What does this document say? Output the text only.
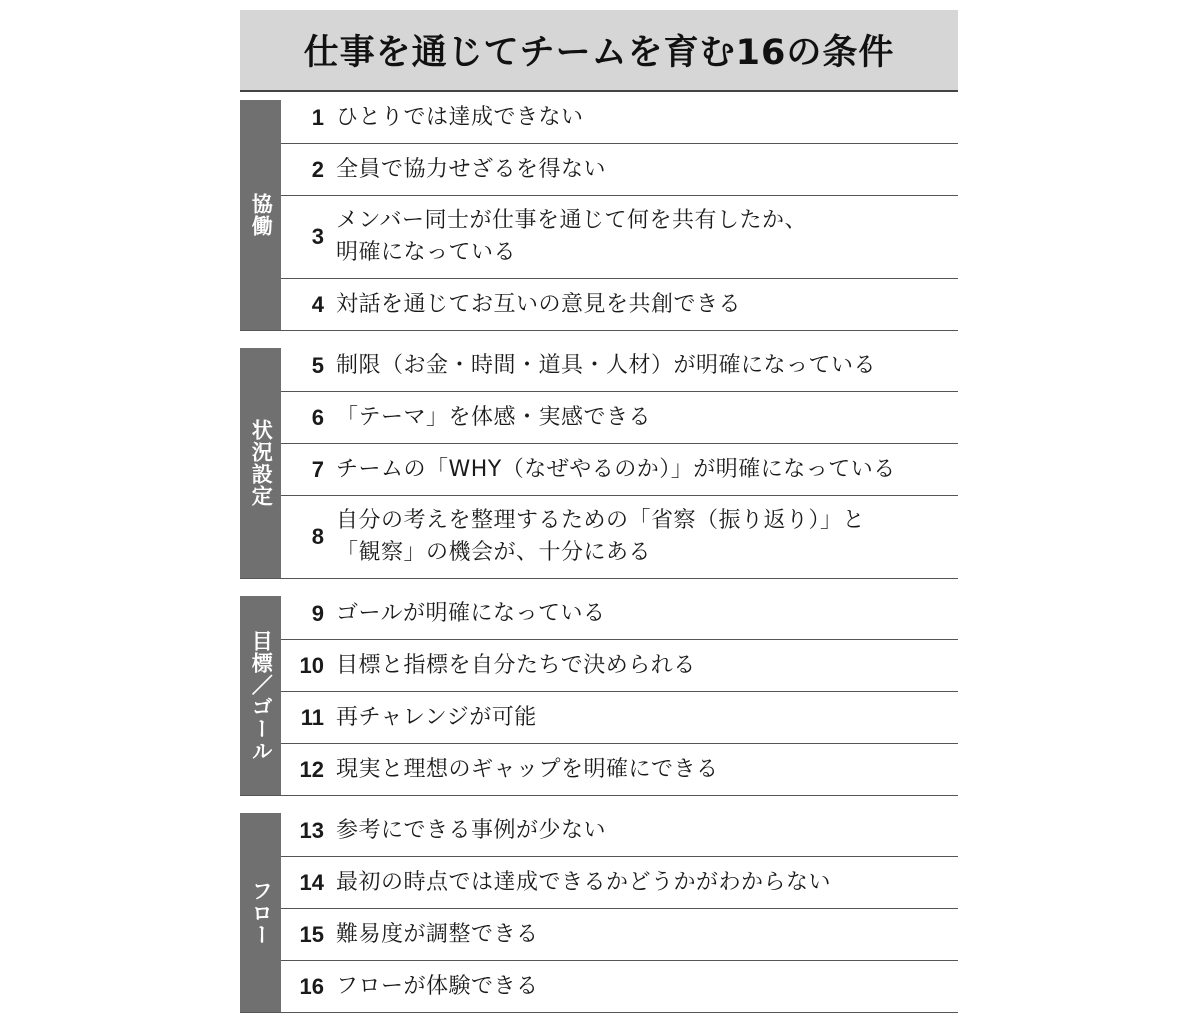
仕事を通じてチームを育む16の条件
協働
1 ひとりでは達成できない
2 全員で協力せざるを得ない
3
メンバー同士が仕事を通じて何を共有したか、
明確になっている
4 対話を通じてお互いの意見を共創できる
状況設定
5 制限（お金・時間・道具・人材）が明確になっている
6 「テーマ」を体感・実感できる
7 チームの「WHY（なぜやるのか）」が明確になっている
8
自分の考えを整理するための「省察（振り返り）」と
「観察」の機会が、十分にある
目標／ゴール
9 ゴールが明確になっている
10 目標と指標を自分たちで決められる
11 再チャレンジが可能
12 現実と理想のギャップを明確にできる
フロー
13 参考にできる事例が少ない
14 最初の時点では達成できるかどうかがわからない
15 難易度が調整できる
16 フローが体験できる
